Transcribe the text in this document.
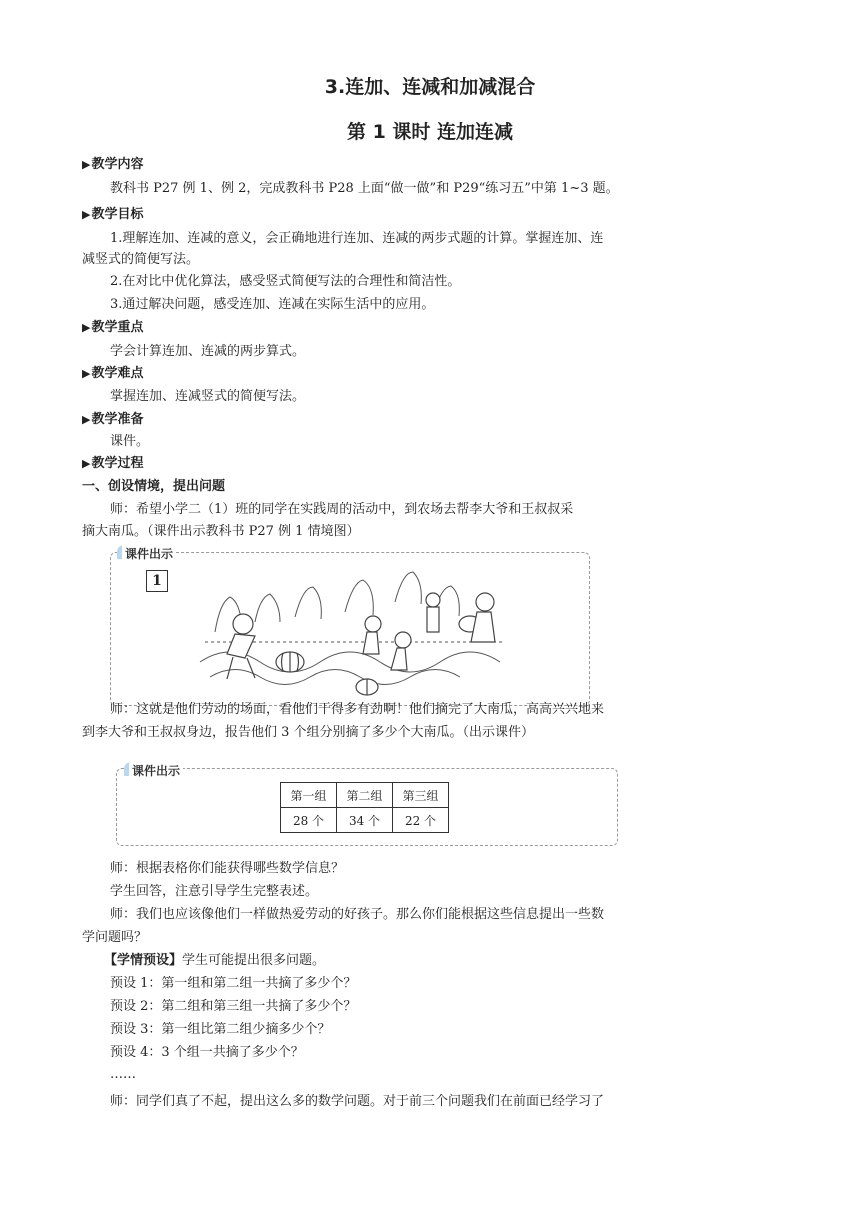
3.连加、连减和加减混合
第 1 课时 连加连减
▶教学内容
教科书 P27 例 1、例 2，完成教科书 P28 上面“做一做”和 P29“练习五”中第 1~3 题。
▶教学目标
1.理解连加、连减的意义，会正确地进行连加、连减的两步式题的计算。掌握连加、连
减竖式的简便写法。
2.在对比中优化算法，感受竖式简便写法的合理性和简洁性。
3.通过解决问题，感受连加、连减在实际生活中的应用。
▶教学重点
学会计算连加、连减的两步算式。
▶教学难点
掌握连加、连减竖式的简便写法。
▶教学准备
课件。
▶教学过程
一、创设情境，提出问题
师：希望小学二（1）班的同学在实践周的活动中，到农场去帮李大爷和王叔叔采
摘大南瓜。（课件出示教科书 P27 例 1 情境图）
课件出示
1
师：这就是他们劳动的场面，看他们干得多有劲啊！他们摘完了大南瓜，高高兴兴地来
到李大爷和王叔叔身边，报告他们 3 个组分别摘了多少个大南瓜。（出示课件）
课件出示
第一组	第二组	第三组
28 个	34 个	22 个
师：根据表格你们能获得哪些数学信息？
学生回答，注意引导学生完整表述。
师：我们也应该像他们一样做热爱劳动的好孩子。那么你们能根据这些信息提出一些数
学问题吗？
【学情预设】学生可能提出很多问题。
预设 1：第一组和第二组一共摘了多少个？
预设 2：第二组和第三组一共摘了多少个？
预设 3：第一组比第二组少摘多少个？
预设 4：3 个组一共摘了多少个？
……
师：同学们真了不起，提出这么多的数学问题。对于前三个问题我们在前面已经学习了
